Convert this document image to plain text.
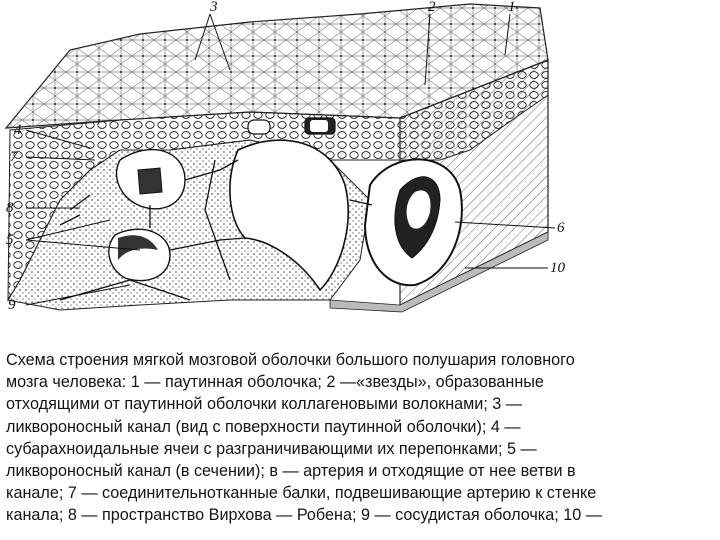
3	2	1
4
7
8
5
9
6
10

Схема строения мягкой мозговой оболочки большого полушария головного

мозга человека: 1 — паутинная оболочка; 2 —«звезды», образованные

отходящими от паутинной оболочки коллагеновыми волокнами; 3 —

ликвороносный канал (вид с поверхности паутинной оболочки); 4 —

субарахноидальные ячеи с разграничивающими их перепонками; 5 —

ликвороносный канал (в сечении); в — артерия и отходящие от нее ветви в

канале; 7 — соединительнотканные балки, подвешивающие артерию к стенке

канала; 8 — пространство Вирхова — Робена; 9 — сосудистая оболочка; 10 —
